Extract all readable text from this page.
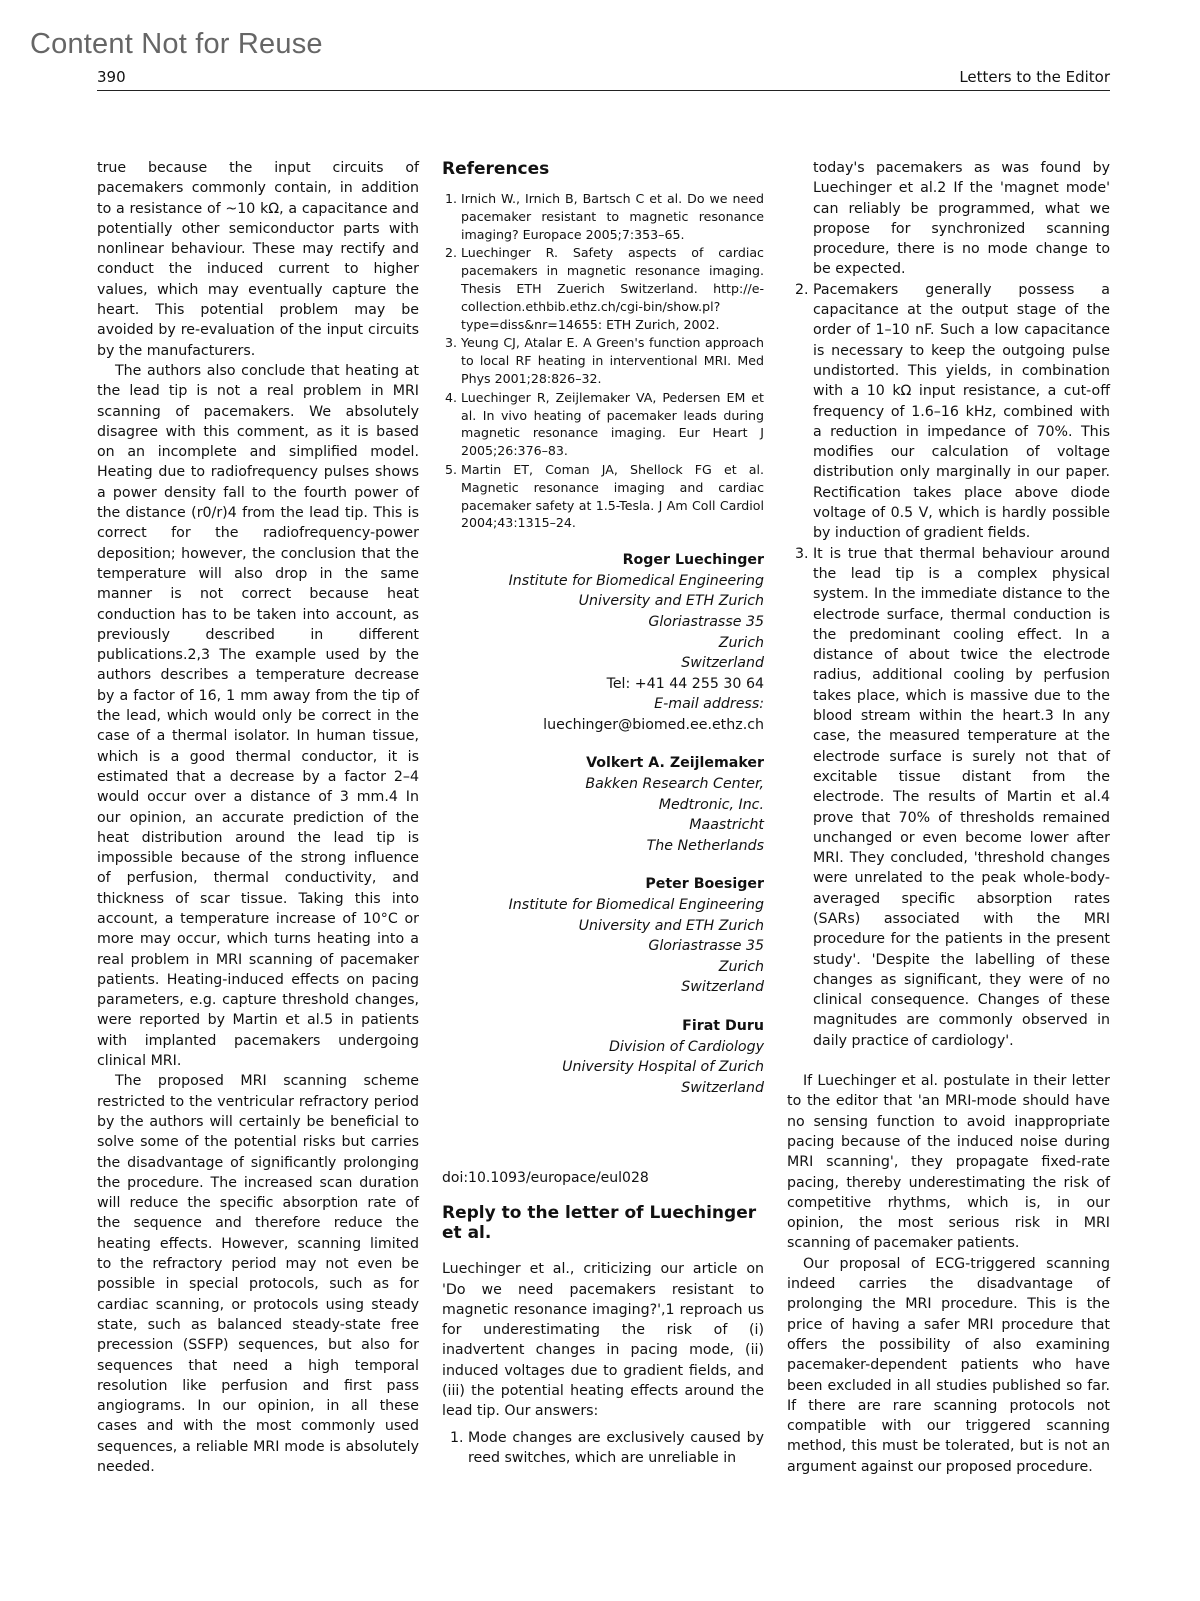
Content Not for Reuse
390	Letters to the Editor

true because the input circuits of pacemakers commonly contain, in addition to a resistance of ~10 kΩ, a capacitance and potentially other semiconductor parts with nonlinear behaviour. These may rectify and conduct the induced current to higher values, which may eventually capture the heart. This potential problem may be avoided by re-evaluation of the input circuits by the manufacturers.

The authors also conclude that heating at the lead tip is not a real problem in MRI scanning of pacemakers. We absolutely disagree with this comment, as it is based on an incomplete and simplified model. Heating due to radiofrequency pulses shows a power density fall to the fourth power of the distance (r0/r)4 from the lead tip. This is correct for the radiofrequency-power deposition; however, the conclusion that the temperature will also drop in the same manner is not correct because heat conduction has to be taken into account, as previously described in different publications.2,3 The example used by the authors describes a temperature decrease by a factor of 16, 1 mm away from the tip of the lead, which would only be correct in the case of a thermal isolator. In human tissue, which is a good thermal conductor, it is estimated that a decrease by a factor 2–4 would occur over a distance of 3 mm.4 In our opinion, an accurate prediction of the heat distribution around the lead tip is impossible because of the strong influence of perfusion, thermal conductivity, and thickness of scar tissue. Taking this into account, a temperature increase of 10°C or more may occur, which turns heating into a real problem in MRI scanning of pacemaker patients. Heating-induced effects on pacing parameters, e.g. capture threshold changes, were reported by Martin et al.5 in patients with implanted pacemakers undergoing clinical MRI.

The proposed MRI scanning scheme restricted to the ventricular refractory period by the authors will certainly be beneficial to solve some of the potential risks but carries the disadvantage of significantly prolonging the procedure. The increased scan duration will reduce the specific absorption rate of the sequence and therefore reduce the heating effects. However, scanning limited to the refractory period may not even be possible in special protocols, such as for cardiac scanning, or protocols using steady state, such as balanced steady-state free precession (SSFP) sequences, but also for sequences that need a high temporal resolution like perfusion and first pass angiograms. In our opinion, in all these cases and with the most commonly used sequences, a reliable MRI mode is absolutely needed.

References
1. Irnich W., Irnich B, Bartsch C et al. Do we need pacemaker resistant to magnetic resonance imaging? Europace 2005;7:353–65.
2. Luechinger R. Safety aspects of cardiac pacemakers in magnetic resonance imaging. Thesis ETH Zuerich Switzerland. http://e-collection.ethbib.ethz.ch/cgi-bin/show.pl?type=diss&nr=14655: ETH Zurich, 2002.
3. Yeung CJ, Atalar E. A Green's function approach to local RF heating in interventional MRI. Med Phys 2001;28:826–32.
4. Luechinger R, Zeijlemaker VA, Pedersen EM et al. In vivo heating of pacemaker leads during magnetic resonance imaging. Eur Heart J 2005;26:376–83.
5. Martin ET, Coman JA, Shellock FG et al. Magnetic resonance imaging and cardiac pacemaker safety at 1.5-Tesla. J Am Coll Cardiol 2004;43:1315–24.
Roger Luechinger
Institute for Biomedical Engineering
University and ETH Zurich
Gloriastrasse 35
Zurich
Switzerland
Tel: +41 44 255 30 64
E-mail address:
luechinger@biomed.ee.ethz.ch
Volkert A. Zeijlemaker
Bakken Research Center,
Medtronic, Inc.
Maastricht
The Netherlands
Peter Boesiger
Institute for Biomedical Engineering
University and ETH Zurich
Gloriastrasse 35
Zurich
Switzerland
Firat Duru
Division of Cardiology
University Hospital of Zurich
Switzerland
doi:10.1093/europace/eul028
Reply to the letter of Luechinger et al.

Luechinger et al., criticizing our article on 'Do we need pacemakers resistant to magnetic resonance imaging?',1 reproach us for underestimating the risk of (i) inadvertent changes in pacing mode, (ii) induced voltages due to gradient fields, and (iii) the potential heating effects around the lead tip. Our answers:

1. Mode changes are exclusively caused by reed switches, which are unreliable in

today's pacemakers as was found by Luechinger et al.2 If the 'magnet mode' can reliably be programmed, what we propose for synchronized scanning procedure, there is no mode change to be expected.

2. Pacemakers generally possess a capacitance at the output stage of the order of 1–10 nF. Such a low capacitance is necessary to keep the outgoing pulse undistorted. This yields, in combination with a 10 kΩ input resistance, a cut-off frequency of 1.6–16 kHz, combined with a reduction in impedance of 70%. This modifies our calculation of voltage distribution only marginally in our paper. Rectification takes place above diode voltage of 0.5 V, which is hardly possible by induction of gradient fields.
3. It is true that thermal behaviour around the lead tip is a complex physical system. In the immediate distance to the electrode surface, thermal conduction is the predominant cooling effect. In a distance of about twice the electrode radius, additional cooling by perfusion takes place, which is massive due to the blood stream within the heart.3 In any case, the measured temperature at the electrode surface is surely not that of excitable tissue distant from the electrode. The results of Martin et al.4 prove that 70% of thresholds remained unchanged or even become lower after MRI. They concluded, 'threshold changes were unrelated to the peak whole-body-averaged specific absorption rates (SARs) associated with the MRI procedure for the patients in the present study'. 'Despite the labelling of these changes as significant, they were of no clinical consequence. Changes of these magnitudes are commonly observed in daily practice of cardiology'.

If Luechinger et al. postulate in their letter to the editor that 'an MRI-mode should have no sensing function to avoid inappropriate pacing because of the induced noise during MRI scanning', they propagate fixed-rate pacing, thereby underestimating the risk of competitive rhythms, which is, in our opinion, the most serious risk in MRI scanning of pacemaker patients.

Our proposal of ECG-triggered scanning indeed carries the disadvantage of prolonging the MRI procedure. This is the price of having a safer MRI procedure that offers the possibility of also examining pacemaker-dependent patients who have been excluded in all studies published so far. If there are rare scanning protocols not compatible with our triggered scanning method, this must be tolerated, but is not an argument against our proposed procedure.
